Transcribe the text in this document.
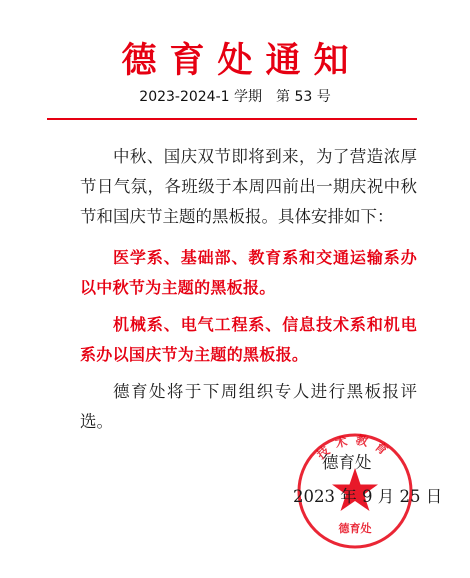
德育处通知
2023-2024-1 学期 第 53 号

中秋、国庆双节即将到来，为了营造浓厚节日气氛，各班级于本周四前出一期庆祝中秋节和国庆节主题的黑板报。具体安排如下：

医学系、基础部、教育系和交通运输系办以中秋节为主题的黑板报。

机械系、电气工程系、信息技术系和机电系办以国庆节为主题的黑板报。

德育处将于下周组织专人进行黑板报评选。

技术教育
德育处
德育处
2023 年 9 月 25 日
